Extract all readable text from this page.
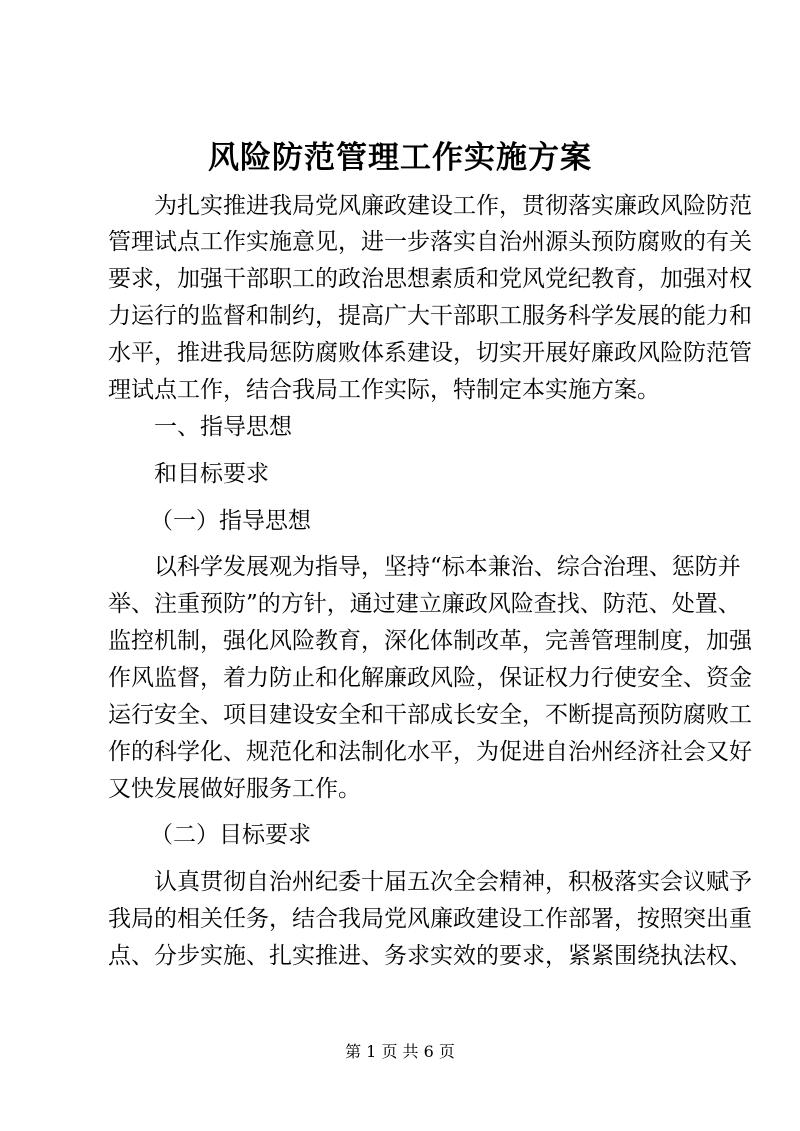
风险防范管理工作实施方案
为扎实推进我局党风廉政建设工作，贯彻落实廉政风险防范
管理试点工作实施意见，进一步落实自治州源头预防腐败的有关
要求，加强干部职工的政治思想素质和党风党纪教育，加强对权
力运行的监督和制约，提高广大干部职工服务科学发展的能力和
水平，推进我局惩防腐败体系建设，切实开展好廉政风险防范管
理试点工作，结合我局工作实际，特制定本实施方案。
一、指导思想
和目标要求
（一）指导思想
以科学发展观为指导，坚持“标本兼治、综合治理、惩防并
举、注重预防”的方针，通过建立廉政风险查找、防范、处置、
监控机制，强化风险教育，深化体制改革，完善管理制度，加强
作风监督，着力防止和化解廉政风险，保证权力行使安全、资金
运行安全、项目建设安全和干部成长安全，不断提高预防腐败工
作的科学化、规范化和法制化水平，为促进自治州经济社会又好
又快发展做好服务工作。
（二）目标要求
认真贯彻自治州纪委十届五次全会精神，积极落实会议赋予
我局的相关任务，结合我局党风廉政建设工作部署，按照突出重
点、分步实施、扎实推进、务求实效的要求，紧紧围绕执法权、
第 1 页 共 6 页
